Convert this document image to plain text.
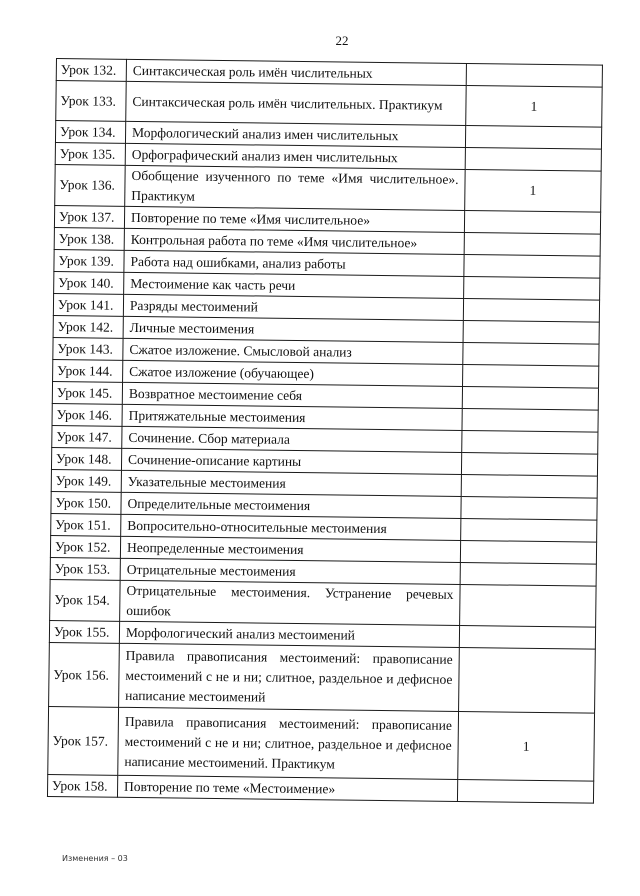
22
Урок 132.	Синтаксическая роль имён числительных	
Урок 133.	Синтаксическая роль имён числительных. Практикум	1
Урок 134.	Морфологический анализ имен числительных	
Урок 135.	Орфографический анализ имен числительных	
Урок 136.	Обобщение изученного по теме «Имя числительное». Практикум	1
Урок 137.	Повторение по теме «Имя числительное»	
Урок 138.	Контрольная работа по теме «Имя числительное»	
Урок 139.	Работа над ошибками, анализ работы	
Урок 140.	Местоимение как часть речи	
Урок 141.	Разряды местоимений	
Урок 142.	Личные местоимения	
Урок 143.	Сжатое изложение. Смысловой анализ	
Урок 144.	Сжатое изложение (обучающее)	
Урок 145.	Возвратное местоимение себя	
Урок 146.	Притяжательные местоимения	
Урок 147.	Сочинение. Сбор материала	
Урок 148.	Сочинение-описание картины	
Урок 149.	Указательные местоимения	
Урок 150.	Определительные местоимения	
Урок 151.	Вопросительно-относительные местоимения	
Урок 152.	Неопределенные местоимения	
Урок 153.	Отрицательные местоимения	
Урок 154.	Отрицательные местоимения. Устранение речевых ошибок	
Урок 155.	Морфологический анализ местоимений	
Урок 156.	Правила правописания местоимений: правописание местоимений с не и ни; слитное, раздельное и дефисное написание местоимений	
Урок 157.	Правила правописания местоимений: правописание местоимений с не и ни; слитное, раздельное и дефисное написание местоимений. Практикум	1
Урок 158.	Повторение по теме «Местоимение»	
Изменения – 03
